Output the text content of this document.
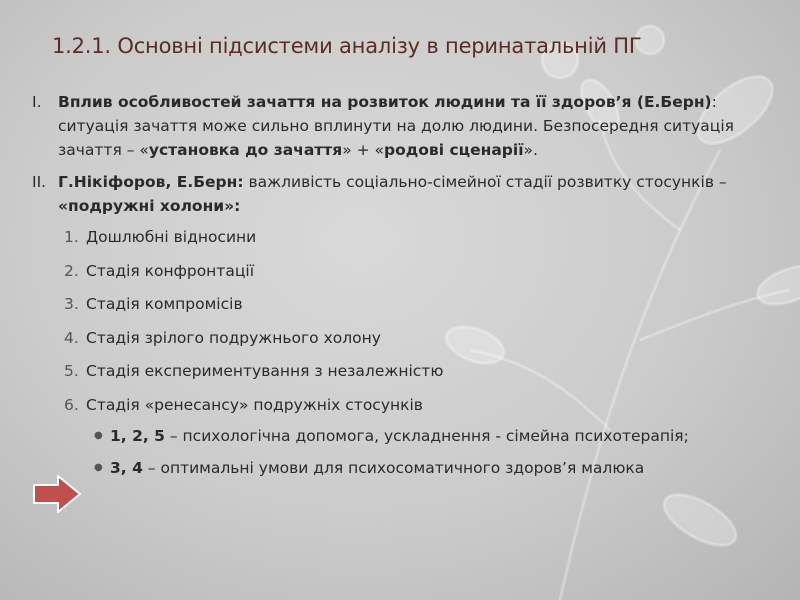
1.2.1. Основні підсистеми аналізу в перинатальній ПГ
I.	Вплив особливостей зачаття на розвиток людини та її здоров’я (Е.Берн): ситуація зачаття може сильно вплинути на долю людини. Безпосередня ситуація зачаття – «установка до зачаття» + «родові сценарії».
II. Г.Нікіфоров, Е.Берн: важливість соціально-сімейної стадії розвитку стосунків – «подружні холони»:
1. Дошлюбні відносини
2. Стадія конфронтації
3. Стадія компромісів
4. Стадія зрілого подружнього холону
5. Стадія експериментування з незалежністю
6. Стадія «ренесансу» подружніх стосунків
● 1, 2, 5 – психологічна допомога, ускладнення - сімейна психотерапія;
● 3, 4 – оптимальні умови для психосоматичного здоров’я малюка
